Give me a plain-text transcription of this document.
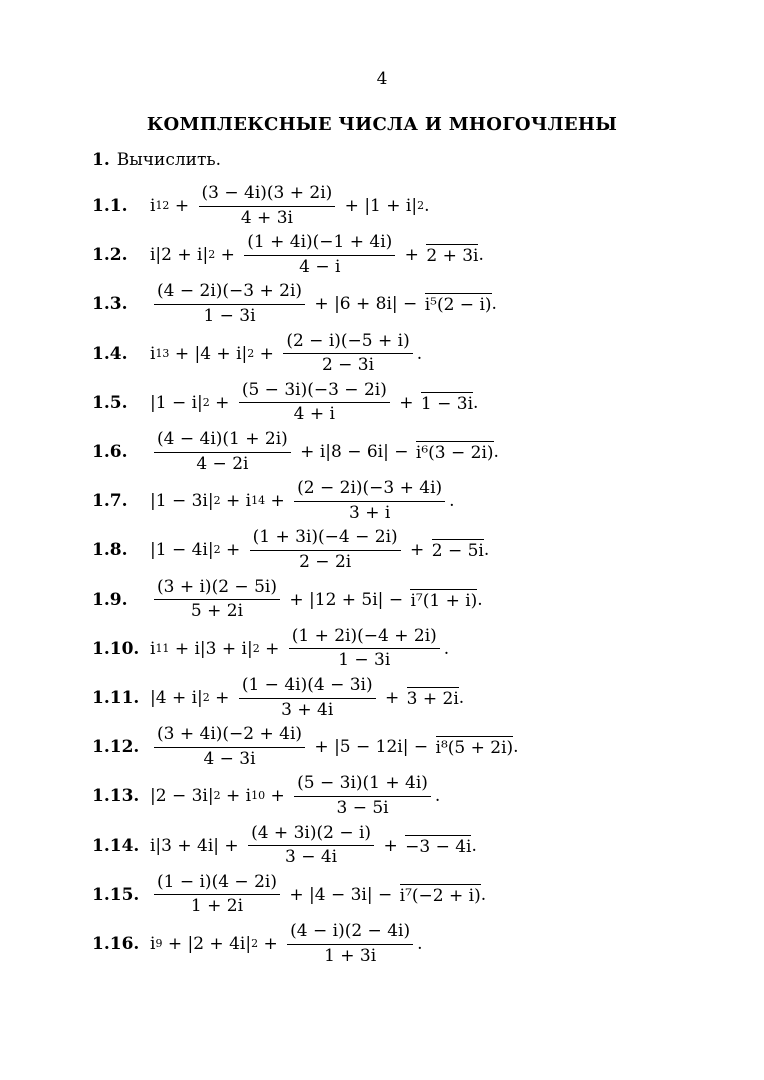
4
КОМПЛЕКСНЫЕ ЧИСЛА И МНОГОЧЛЕНЫ
1. Вычислить.
1.1.	i $12 + \frac{(3 - 4i)(3 + 2i)}{4 + 3i} + |1 + i|$ 2 .
1.2.	i|2 + i| $2 + \frac{(1 + 4i)(-1 + 4i)}{4 - i} + 2 + 3i$ .
1.3.	$\frac{(4 - 2i)(-3 + 2i)}{1 - 3i} + |6 + 8i| - i^5(2 - i)$ .
1.4.	i 13 + |4 + i| $2 + \frac{(2 - i)(-5 + i)}{2 - 3i}$ .
1.5.	|1 − i| $2 + \frac{(5 - 3i)(-3 - 2i)}{4 + i} + 1 - 3i$ .
1.6.	$\frac{(4 - 4i)(1 + 2i)}{4 - 2i} + i|8 - 6i| - i^6(3 - 2i)$ .
1.7.	|1 − 3i| 2 + i $14 + \frac{(2 - 2i)(-3 + 4i)}{3 + i}$ .
1.8.	|1 − 4i| $2 + \frac{(1 + 3i)(-4 - 2i)}{2 - 2i} + 2 - 5i$ .
1.9.	$\frac{(3 + i)(2 - 5i)}{5 + 2i} + |12 + 5i| - i^7(1 + i)$ .
1.10. i 11 + i|3 + i| $2 + \frac{(1 + 2i)(-4 + 2i)}{1 - 3i}$ .
1.11. |4 + i| $2 + \frac{(1 - 4i)(4 - 3i)}{3 + 4i} + 3 + 2i$ .
1.12. $\frac{(3 + 4i)(-2 + 4i)}{4 - 3i} + |5 - 12i| - i^8(5 + 2i)$ .
1.13. |2 − 3i| 2 + i $10 + \frac{(5 - 3i)(1 + 4i)}{3 - 5i}$ .
1.14. $i|3 + 4i| + \frac{(4 + 3i)(2 - i)}{3 - 4i} + -3 - 4i$ .
1.15. $\frac{(1 - i)(4 - 2i)}{1 + 2i} + |4 - 3i| - i^7(-2 + i)$ .
1.16. i 9 + |2 + 4i| $2 + \frac{(4 - i)(2 - 4i)}{1 + 3i}$ .
